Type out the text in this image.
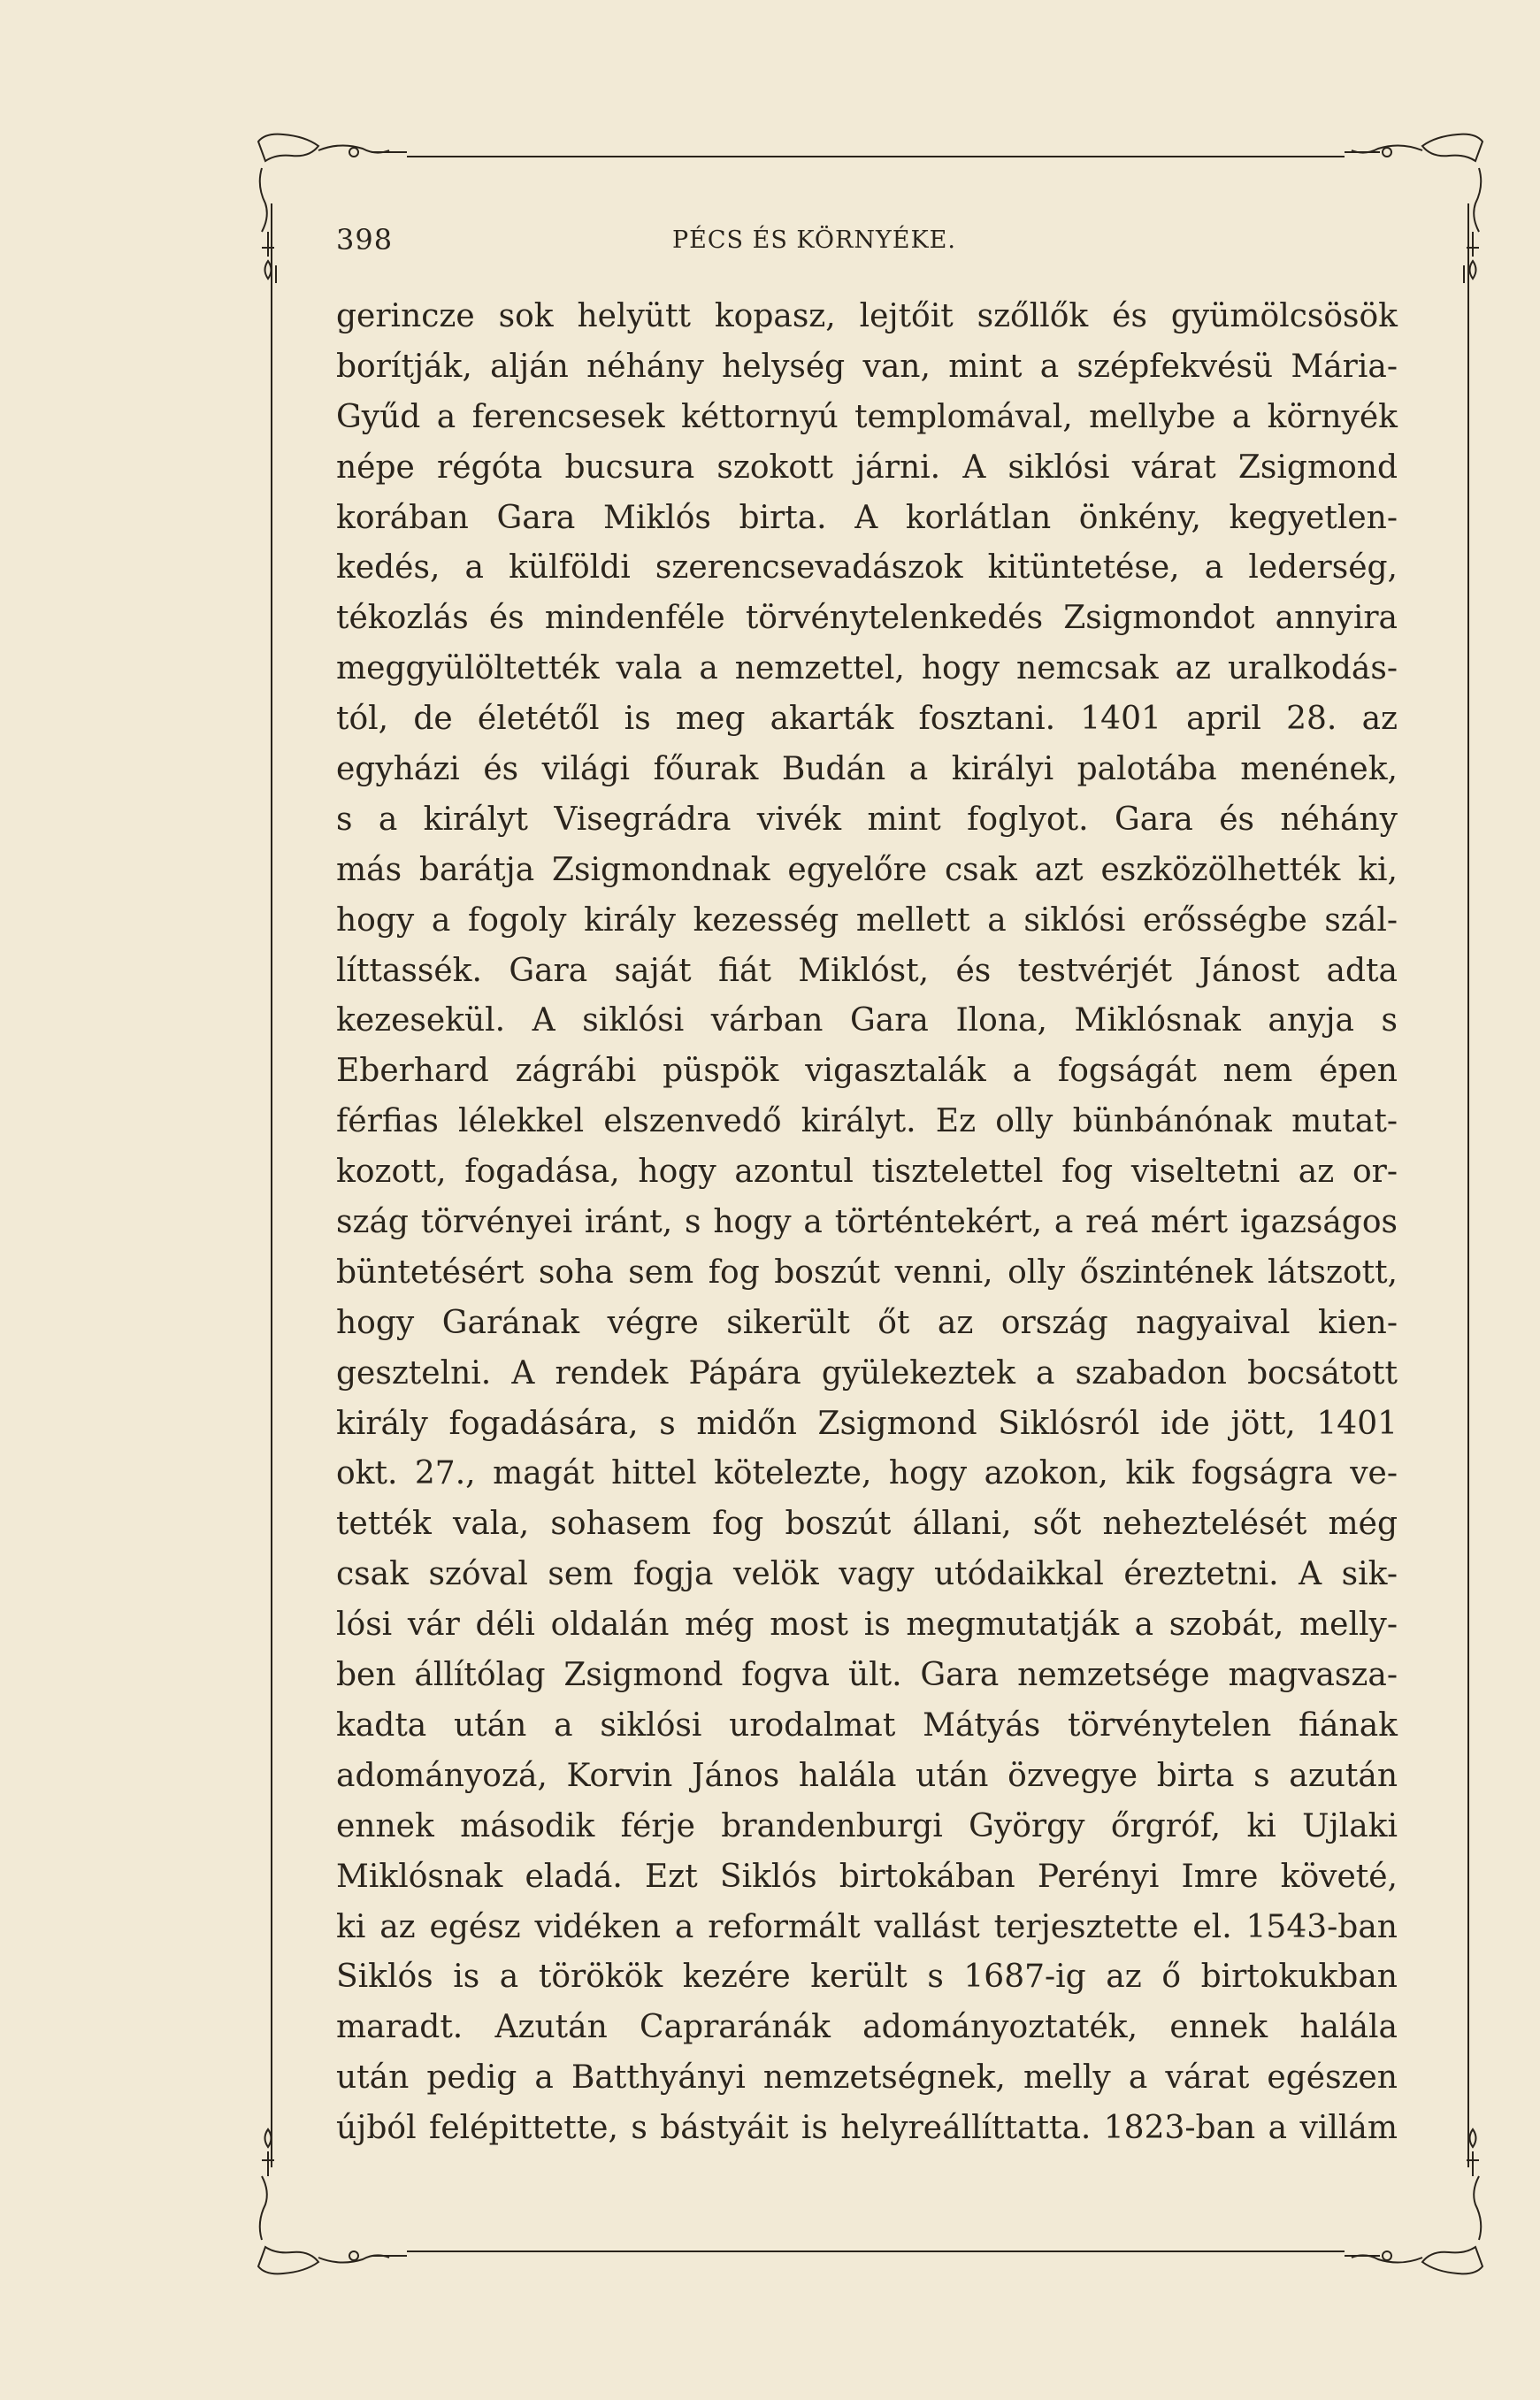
398	PÉCS ÉS KÖRNYÉKE.
gerincze sok helyütt kopasz, lejtőit szőllők és gyümölcsösök
borítják, alján néhány helység van, mint a szépfekvésü Mária-
Gyűd a ferencsesek kéttornyú templomával, mellybe a környék
népe régóta bucsura szokott járni. A siklósi várat Zsigmond
korában Gara Miklós birta. A korlátlan önkény, kegyetlen-
kedés, a külföldi szerencsevadászok kitüntetése, a lederség,
tékozlás és mindenféle törvénytelenkedés Zsigmondot annyira
meggyülöltették vala a nemzettel, hogy nemcsak az uralkodás-
tól, de életétől is meg akarták fosztani. 1401 april 28. az
egyházi és világi főurak Budán a királyi palotába menének,
s a királyt Visegrádra vivék mint foglyot. Gara és néhány
más barátja Zsigmondnak egyelőre csak azt eszközölhették ki,
hogy a fogoly király kezesség mellett a siklósi erősségbe szál-
líttassék. Gara saját fiát Miklóst, és testvérjét Jánost adta
kezesekül. A siklósi várban Gara Ilona, Miklósnak anyja s
Eberhard zágrábi püspök vigasztalák a fogságát nem épen
férfias lélekkel elszenvedő királyt. Ez olly bünbánónak mutat-
kozott, fogadása, hogy azontul tisztelettel fog viseltetni az or-
szág törvényei iránt, s hogy a történtekért, a reá mért igazságos
büntetésért soha sem fog boszút venni, olly őszintének látszott,
hogy Garának végre sikerült őt az ország nagyaival kien-
gesztelni. A rendek Pápára gyülekeztek a szabadon bocsátott
király fogadására, s midőn Zsigmond Siklósról ide jött, 1401
okt. 27., magát hittel kötelezte, hogy azokon, kik fogságra ve-
tették vala, sohasem fog boszút állani, sőt neheztelését még
csak szóval sem fogja velök vagy utódaikkal éreztetni. A sik-
lósi vár déli oldalán még most is megmutatják a szobát, melly-
ben állítólag Zsigmond fogva ült. Gara nemzetsége magvasza-
kadta után a siklósi urodalmat Mátyás törvénytelen fiának
adományozá, Korvin János halála után özvegye birta s azután
ennek második férje brandenburgi György őrgróf, ki Ujlaki
Miklósnak eladá. Ezt Siklós birtokában Perényi Imre követé,
ki az egész vidéken a reformált vallást terjesztette el. 1543-ban
Siklós is a törökök kezére került s 1687-ig az ő birtokukban
maradt. Azután Capraránák adományoztaték, ennek halála
után pedig a Batthyányi nemzetségnek, melly a várat egészen
újból felépittette, s bástyáit is helyreállíttatta. 1823-ban a villám
